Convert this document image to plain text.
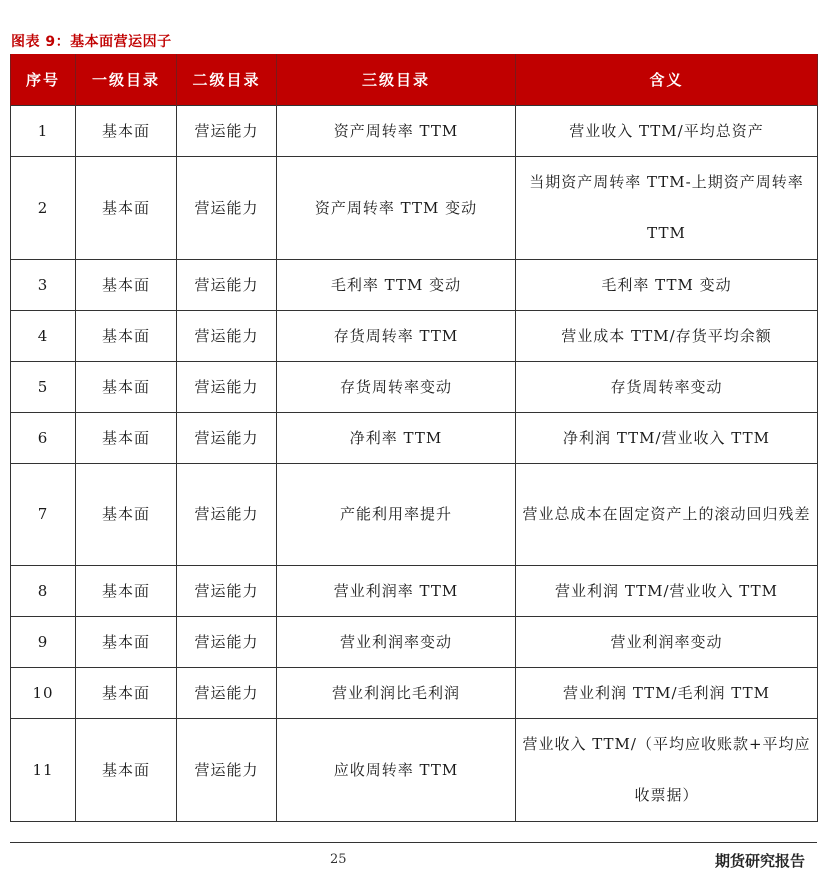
图表 9：基本面营运因子
序号	一级目录	二级目录	三级目录	含义
1	基本面	营运能力	资产周转率 TTM	营业收入 TTM/平均总资产
2	基本面	营运能力	资产周转率 TTM 变动	当期资产周转率 TTM-上期资产周转率 TTM
3	基本面	营运能力	毛利率 TTM 变动	毛利率 TTM 变动
4	基本面	营运能力	存货周转率 TTM	营业成本 TTM/存货平均余额
5	基本面	营运能力	存货周转率变动	存货周转率变动
6	基本面	营运能力	净利率 TTM	净利润 TTM/营业收入 TTM
7	基本面	营运能力	产能利用率提升	营业总成本在固定资产上的滚动回归残差
8	基本面	营运能力	营业利润率 TTM	营业利润 TTM/营业收入 TTM
9	基本面	营运能力	营业利润率变动	营业利润率变动
10	基本面	营运能力	营业利润比毛利润	营业利润 TTM/毛利润 TTM
11	基本面	营运能力	应收周转率 TTM	营业收入 TTM/（平均应收账款+平均应收票据）
25	期货研究报告
